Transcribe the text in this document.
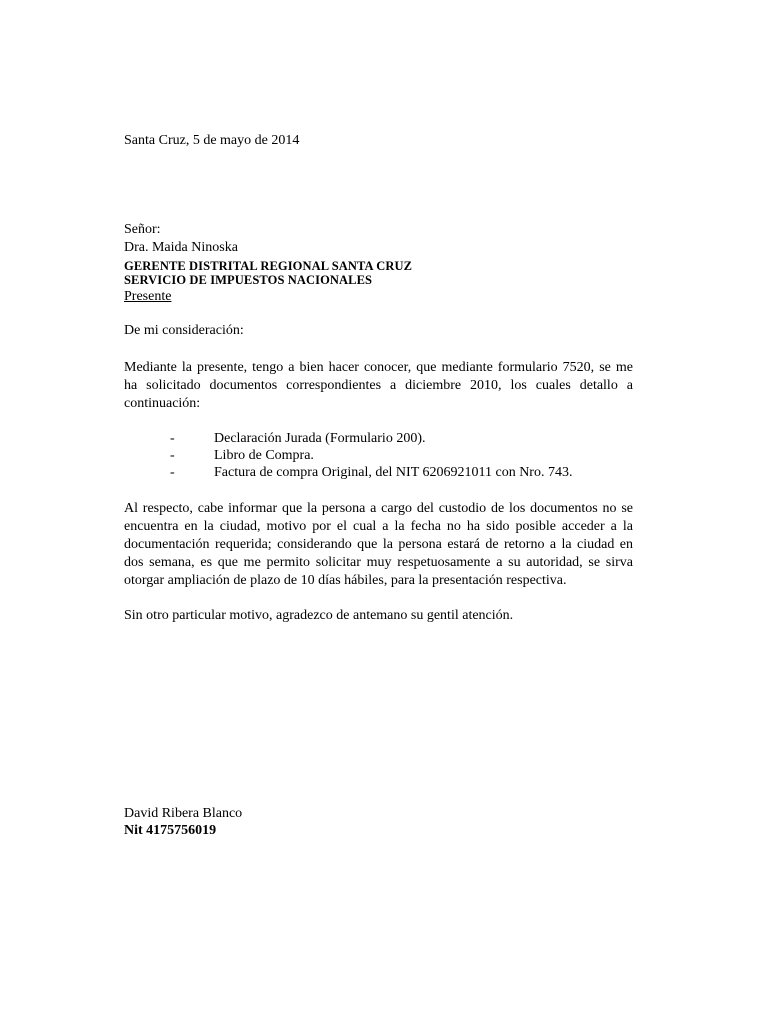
Santa Cruz, 5 de mayo de 2014
Señor:
Dra. Maida Ninoska
GERENTE DISTRITAL REGIONAL SANTA CRUZ
SERVICIO DE IMPUESTOS NACIONALES
Presente
De mi consideración:
Mediante la presente, tengo a bien hacer conocer, que mediante formulario 7520, se me
ha solicitado documentos correspondientes a diciembre 2010, los cuales detallo a
continuación:
-	Declaración Jurada (Formulario 200).
-	Libro de Compra.
-	Factura de compra Original, del NIT 6206921011 con Nro. 743.
Al respecto, cabe informar que la persona a cargo del custodio de los documentos no se
encuentra en la ciudad, motivo por el cual a la fecha no ha sido posible acceder a la
documentación requerida; considerando que la persona estará de retorno a la ciudad en
dos semana, es que me permito solicitar muy respetuosamente a su autoridad, se sirva
otorgar ampliación de plazo de 10 días hábiles, para la presentación respectiva.
Sin otro particular motivo, agradezco de antemano su gentil atención.
David Ribera Blanco
Nit 4175756019
